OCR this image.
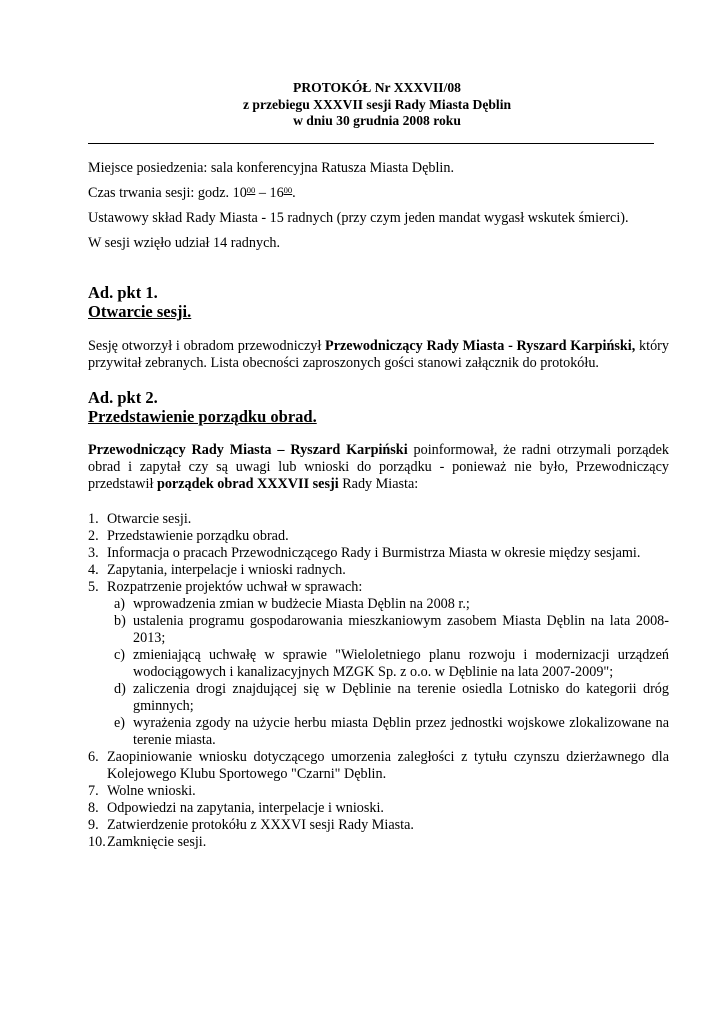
PROTOKÓŁ Nr XXXVII/08
z przebiegu XXXVII sesji Rady Miasta Dęblin
w dniu 30 grudnia 2008 roku

Miejsce posiedzenia: sala konferencyjna Ratusza Miasta Dęblin.

Czas trwania sesji: godz. $10^{00} - 16^{00}$.

Ustawowy skład Rady Miasta - 15 radnych (przy czym jeden mandat wygasł wskutek śmierci).

W sesji wzięło udział 14 radnych.

Ad. pkt 1.
Otwarcie sesji.

Sesję otworzył i obradom przewodniczył Przewodniczący Rady Miasta - Ryszard Karpiński, który przywitał zebranych. Lista obecności zaproszonych gości stanowi załącznik do protokółu.

Ad. pkt 2.
Przedstawienie porządku obrad.

Przewodniczący Rady Miasta – Ryszard Karpiński poinformował, że radni otrzymali porządek obrad i zapytał czy są uwagi lub wnioski do porządku - ponieważ nie było, Przewodniczący przedstawił porządek obrad XXXVII sesji Rady Miasta:

1. Otwarcie sesji.
2. Przedstawienie porządku obrad.
3. Informacja o pracach Przewodniczącego Rady i Burmistrza Miasta w okresie między sesjami.
4. Zapytania, interpelacje i wnioski radnych.
5. Rozpatrzenie projektów uchwał w sprawach:
a) wprowadzenia zmian w budżecie Miasta Dęblin na 2008 r.;
b) ustalenia programu gospodarowania mieszkaniowym zasobem Miasta Dęblin na lata 2008-2013;
c) zmieniającą uchwałę w sprawie "Wieloletniego planu rozwoju i modernizacji urządzeń wodociągowych i kanalizacyjnych MZGK Sp. z o.o. w Dęblinie na lata 2007-2009";
d) zaliczenia drogi znajdującej się w Dęblinie na terenie osiedla Lotnisko do kategorii dróg gminnych;
e) wyrażenia zgody na użycie herbu miasta Dęblin przez jednostki wojskowe zlokalizowane na terenie miasta.
6. Zaopiniowanie wniosku dotyczącego umorzenia zaległości z tytułu czynszu dzierżawnego dla Kolejowego Klubu Sportowego "Czarni" Dęblin.
7. Wolne wnioski.
8. Odpowiedzi na zapytania, interpelacje i wnioski.
9. Zatwierdzenie protokółu z XXXVI sesji Rady Miasta.
10. Zamknięcie sesji.
